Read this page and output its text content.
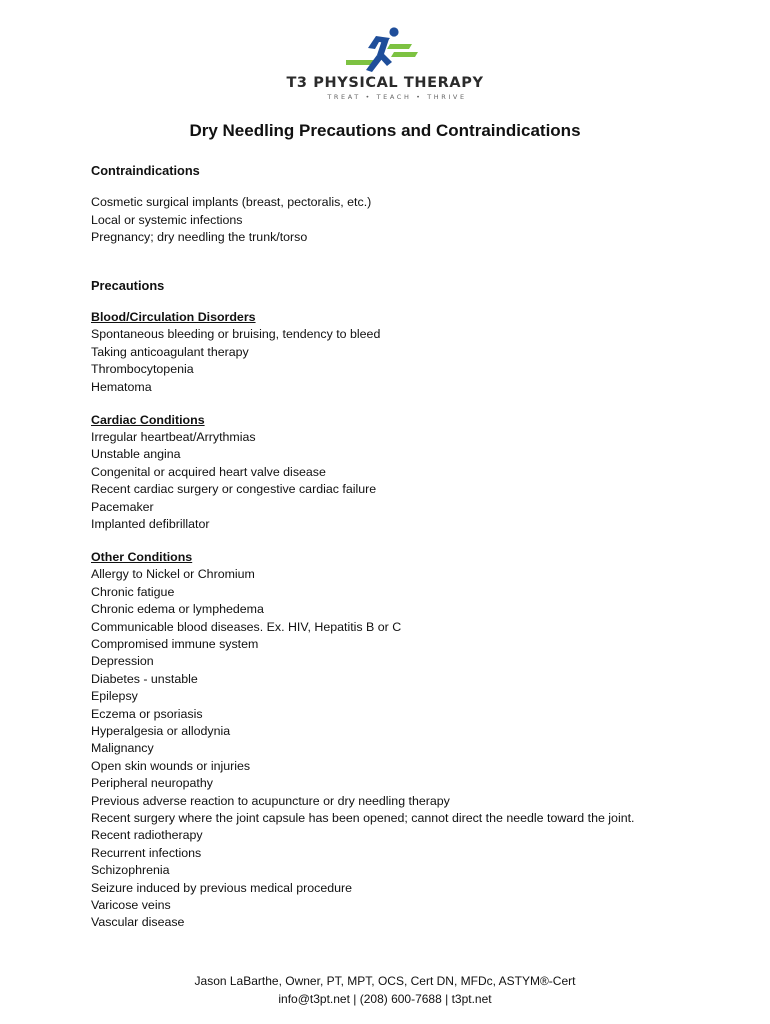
T3 PHYSICAL THERAPY
TREAT • TEACH • THRIVE
Dry Needling Precautions and Contraindications

Contraindications

Cosmetic surgical implants (breast, pectoralis, etc.)
Local or systemic infections
Pregnancy; dry needling the trunk/torso

Precautions

Blood/Circulation Disorders

Spontaneous bleeding or bruising, tendency to bleed
Taking anticoagulant therapy
Thrombocytopenia
Hematoma

Cardiac Conditions

Irregular heartbeat/Arrythmias
Unstable angina
Congenital or acquired heart valve disease
Recent cardiac surgery or congestive cardiac failure
Pacemaker
Implanted defibrillator

Other Conditions

Allergy to Nickel or Chromium
Chronic fatigue
Chronic edema or lymphedema
Communicable blood diseases. Ex. HIV, Hepatitis B or C
Compromised immune system
Depression
Diabetes - unstable
Epilepsy
Eczema or psoriasis
Hyperalgesia or allodynia
Malignancy
Open skin wounds or injuries
Peripheral neuropathy
Previous adverse reaction to acupuncture or dry needling therapy
Recent surgery where the joint capsule has been opened; cannot direct the needle toward the joint.
Recent radiotherapy
Recurrent infections
Schizophrenia
Seizure induced by previous medical procedure
Varicose veins
Vascular disease
Jason LaBarthe, Owner, PT, MPT, OCS, Cert DN, MFDc, ASTYM®-Cert
info@t3pt.net | (208) 600-7688 | t3pt.net
